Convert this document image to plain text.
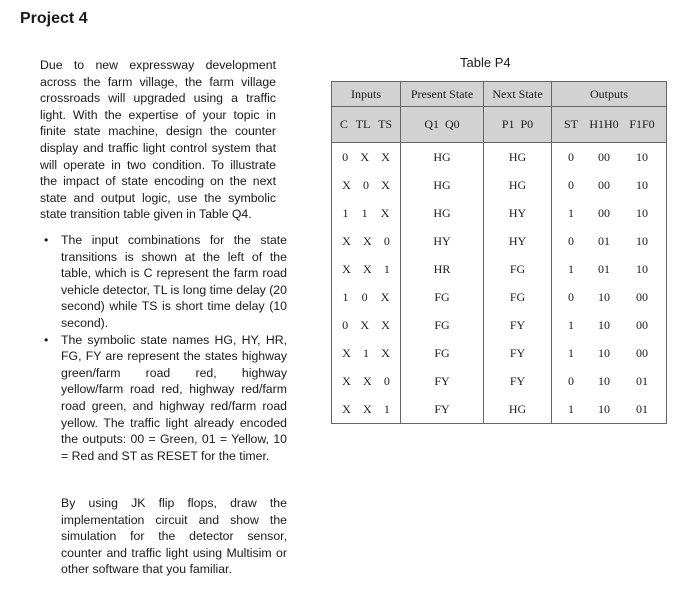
Project 4
Due to new expressway development across the farm village, the farm village crossroads will upgraded using a traffic light. With the expertise of your topic in finite state machine, design the counter display and traffic light control system that will operate in two condition. To illustrate the impact of state encoding on the next state and output logic, use the symbolic state transition table given in Table Q4.
• The input combinations for the state transitions is shown at the left of the table, which is C represent the farm road vehicle detector, TL is long time delay (20 second) while TS is short time delay (10 second).
• The symbolic state names HG, HY, HR, FG, FY are represent the states highway green/farm road red, highway yellow/farm road red, highway red/farm road green, and highway red/farm road yellow. The traffic light already encoded the outputs: 00 = Green, 01 = Yellow, 10 = Red and ST as RESET for the timer.
By using JK flip flops, draw the implementation circuit and show the simulation for the detector sensor, counter and traffic light using Multisim or other software that you familiar.
Table P4
Inputs	Present State	Next State	Outputs

C TL TS	Q1  Q0	P1  P0	ST H1H0 F1F0

0 X X	HG	HG	0 00 10

X 0 X	HG	HG	0 00 10

1 1 X	HG	HY	1 00 10

X X 0	HY	HY	0 01 10

X X 1	HR	FG	1 01 10

1 0 X	FG	FG	0 10 00

0 X X	FG	FY	1 10 00

X 1 X	FG	FY	1 10 00

X X 0	FY	FY	0 10 01

X X 1	FY	HG	1 10 01
